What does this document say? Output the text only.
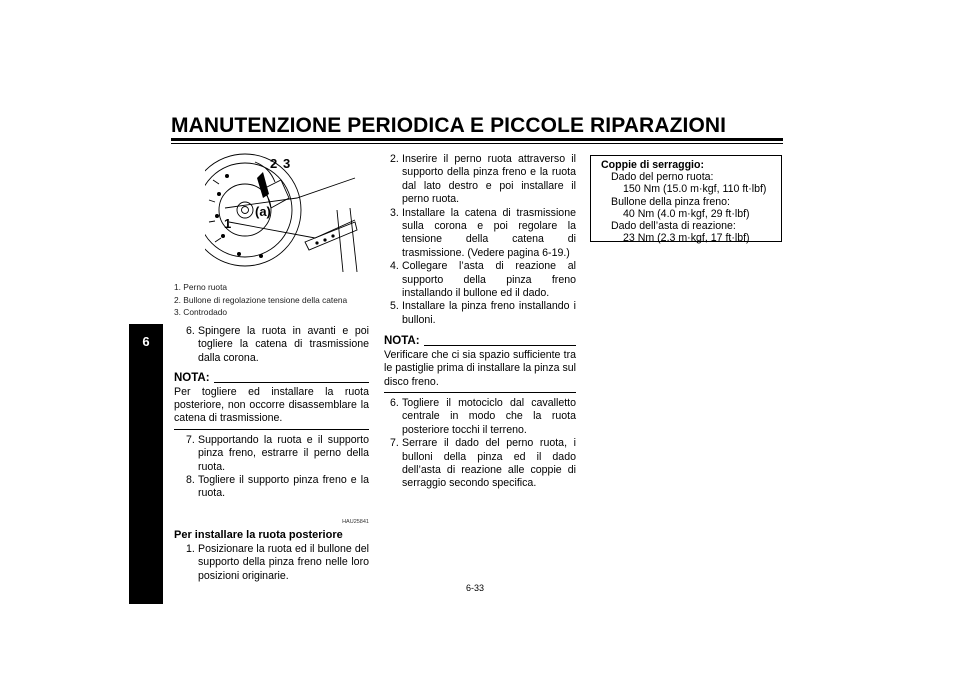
MANUTENZIONE PERIODICA E PICCOLE RIPARAZIONI
6
2 3
(a)
1
1. Perno ruota
2. Bullone di regolazione tensione della catena
3. Controdado
6. Spingere la ruota in avanti e poi togliere la catena di trasmissione dalla corona.
NOTA:
Per togliere ed installare la ruota posteriore, non occorre disassemblare la catena di trasmissione.
7. Supportando la ruota e il supporto pinza freno, estrarre il perno della ruota.
8. Togliere il supporto pinza freno e la ruota.
HAU25841
Per installare la ruota posteriore
1. Posizionare la ruota ed il bullone del supporto della pinza freno nelle loro posizioni originarie.
2. Inserire il perno ruota attraverso il supporto della pinza freno e la ruota dal lato destro e poi installare il perno ruota.
3. Installare la catena di trasmissione sulla corona e poi regolare la tensione della catena di trasmissione. (Vedere pagina 6-19.)
4. Collegare l’asta di reazione al supporto della pinza freno installando il bullone ed il dado.
5. Installare la pinza freno installando i bulloni.
NOTA:
Verificare che ci sia spazio sufficiente tra le pastiglie prima di installare la pinza sul disco freno.
6. Togliere il motociclo dal cavalletto centrale in modo che la ruota posteriore tocchi il terreno.
7. Serrare il dado del perno ruota, i bulloni della pinza ed il dado dell’asta di reazione alle coppie di serraggio secondo specifica.
Coppie di serraggio:
Dado del perno ruota:
150 Nm (15.0 m·kgf, 110 ft·lbf)
Bullone della pinza freno:
40 Nm (4.0 m·kgf, 29 ft·lbf)
Dado dell’asta di reazione:
23 Nm (2.3 m·kgf, 17 ft·lbf)
6-33
